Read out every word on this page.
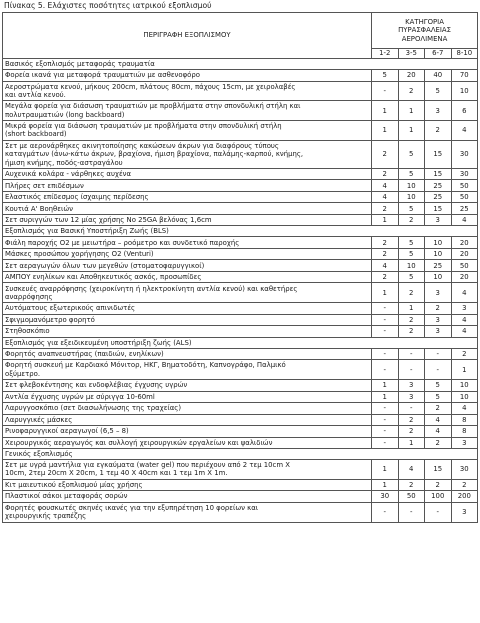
Πίνακας 5. Ελάχιστες ποσότητες ιατρικού εξοπλισμού
ΠΕΡΙΓΡΑΦΗ ΕΞΟΠΛΙΣΜΟΥ	ΚΑΤΗΓΟΡΙΑ
ΠΥΡΑΣΦΑΛΕΙΑΣ
ΑΕΡΟΛΙΜΕΝΑ			
	1-2	3-5	6-7	8-10
Βασικός εξοπλισμός μεταφοράς τραυματία				
Φορεία ικανά για μεταφορά τραυματιών με ασθενοφόρο	5	20	40	70
Αεροστρώματα κενού, μήκους 200cm, πλάτους 80cm, πάχους 15cm, με χειρολαβές
και αντλία κενού.	-	2	5	10
Μεγάλα φορεία για διάσωση τραυματιών με προβλήματα στην σπονδυλική στήλη και
πολυτραυματιών (long backboard)	1	1	3	6
Μικρά φορεία για διάσωση τραυματιών με προβλήματα στην σπονδυλική στήλη
(short backboard)	1	1	2	4
Σετ με αερονάρθηκες ακινητοποίησης κακώσεων άκρων για διαφόρους τύπους
καταγμάτων (άνω-κάτω άκρων, βραχίονα, ήμιση βραχίονα, παλάμης-καρπού, κνήμης,
ήμιση κνήμης, ποδός-αστραγάλου	2	5	15	30
Αυχενικά κολάρα - νάρθηκες αυχένα	2	5	15	30
Πλήρες σετ επιδέσμων	4	10	25	50
Ελαστικός επίδεσμος ίσχαιμης περίδεσης	4	10	25	50
Κουτιά Α' Βοηθειών	2	5	15	25
Σετ συριγγών των 12 μίας χρήσης Νο 25GA βελόνας 1,6cm	1	2	3	4
Εξοπλισμός για Βασική Υποστήριξη Ζωής (BLS)				
Φιάλη παροχής Ο2 με μειωτήρα – ροόμετρο και συνδετικό παροχής	2	5	10	20
Μάσκες προσώπου χορήγησης Ο2 (Venturi)	2	5	10	20
Σετ αεραγωγών όλων των μεγεθών (στοματοφαρυγγικοί)	4	10	25	50
ΑΜΠΟΥ ενηλίκων και Αποθηκευτικός ασκός, προσωπίδες	2	5	10	20
Συσκευές αναρρόφησης (χειροκίνητη ή ηλεκτροκίνητη αντλία κενού) και καθετήρες
αναρρόφησης	1	2	3	4
Αυτόματους εξωτερικούς απινιδωτές	-	1	2	3
Σφιγμομανόμετρο φορητό	-	2	3	4
Στηθοσκόπιο	-	2	3	4
Εξοπλισμός για εξειδικευμένη υποστήριξη ζωής (ALS)				
Φορητός αναπνευστήρας (παιδιών, ενηλίκων)	-	-	-	2
Φορητή συσκευή με Καρδιακό Μόνιτορ, ΗΚΓ, Βηματοδότη, Καπνογράφο, Παλμικό
οξύμετρο.	-	-	-	1
Σετ φλεβοκέντησης και ενδοφλέβιας έγχυσης υγρών	1	3	5	10
Αντλία έγχυσης υγρών με σύριγγα 10-60ml	1	3	5	10
Λαρυγγοσκόπιο (σετ διασωλήνωσης της τραχείας)	-	-	2	4
Λαρυγγικές μάσκες	-	2	4	8
Ρινοφαρυγγικοί αεραγωγοί (6,5 – 8)	-	2	4	8
Χειρουργικός αεραγωγός και συλλογή χειρουργικών εργαλείων και ψαλιδιών	-	1	2	3
Γενικός εξοπλισμός				
Σετ με υγρά μαντήλια για εγκαύματα (water gel) που περιέχουν από 2 τεμ 10cm X
10cm, 2τεμ 20cm X 20cm, 1 τεμ 40 X 40cm και 1 τεμ 1m X 1m.	1	4	15	30
Κιτ μαιευτικού εξοπλισμού μίας χρήσης	1	2	2	2
Πλαστικοί σάκοι μεταφοράς σορών	30	50	100	200
Φορητές φουσκωτές σκηνές ικανές για την εξυπηρέτηση 10 φορείων και
χειρουργικής τραπέζης	-	-	-	3
